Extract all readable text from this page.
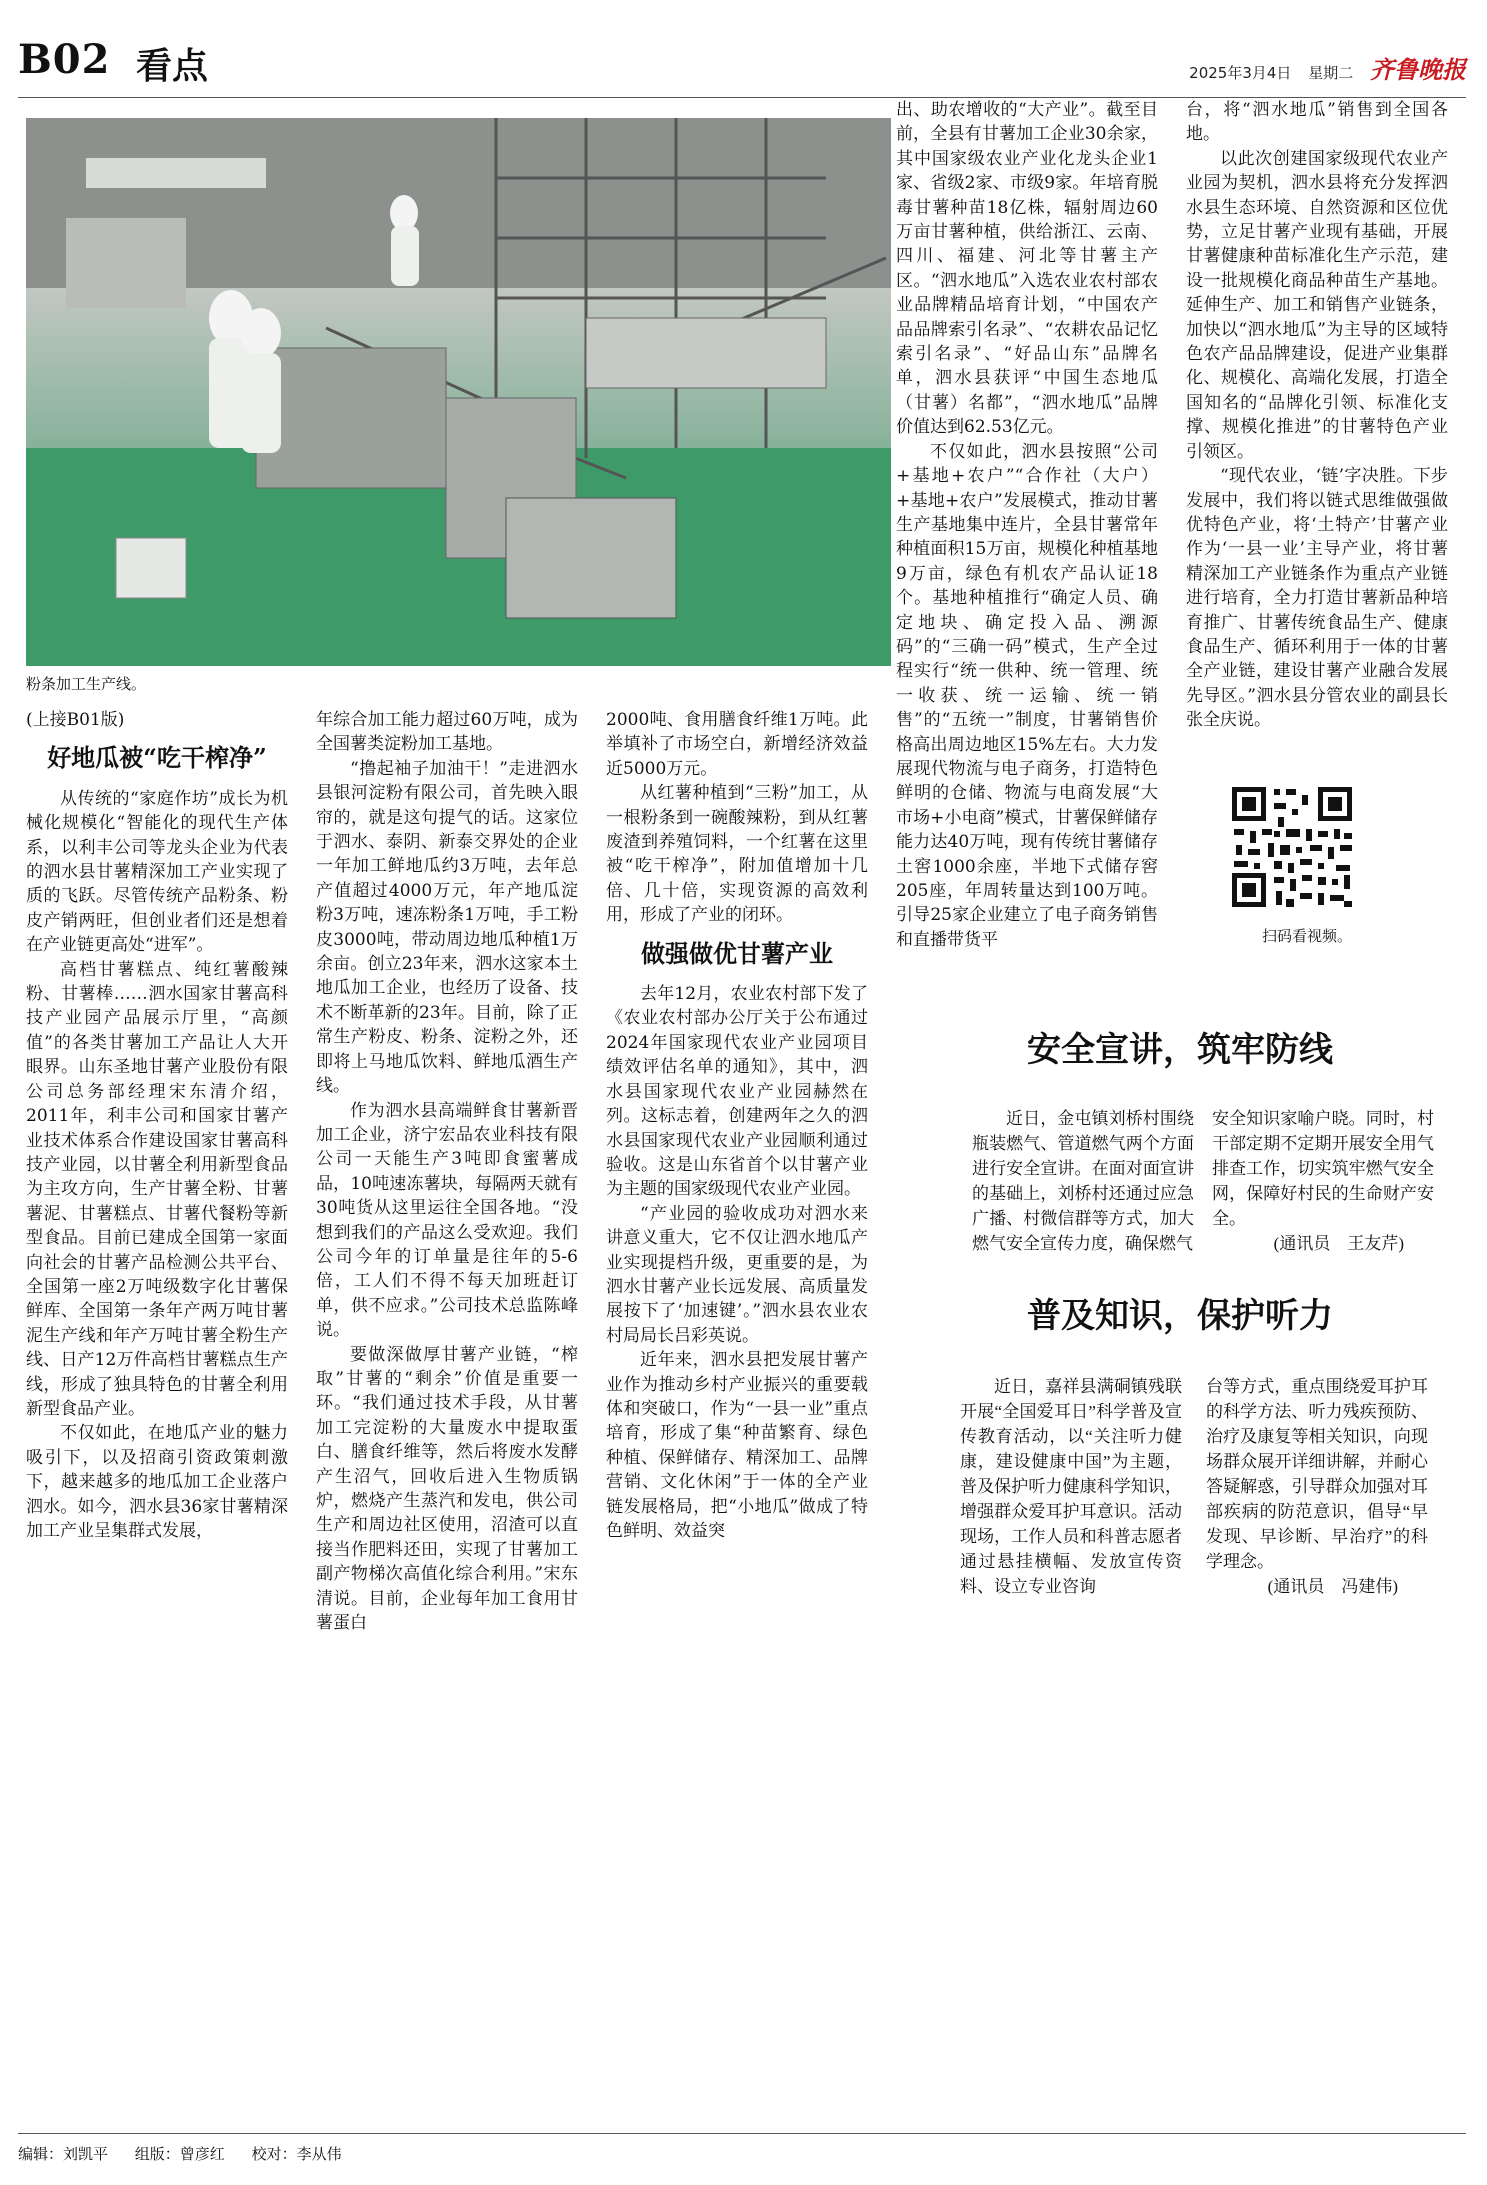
B02 看点	2025年3月4日 星期二 齐鲁晚报
粉条加工生产线。

(上接B01版)

好地瓜被“吃干榨净”

从传统的“家庭作坊”成长为机械化规模化“智能化的现代生产体系，以利丰公司等龙头企业为代表的泗水县甘薯精深加工产业实现了质的飞跃。尽管传统产品粉条、粉皮产销两旺，但创业者们还是想着在产业链更高处“进军”。

高档甘薯糕点、纯红薯酸辣粉、甘薯棒……泗水国家甘薯高科技产业园产品展示厅里，“高颜值”的各类甘薯加工产品让人大开眼界。山东圣地甘薯产业股份有限公司总务部经理宋东清介绍，2011年，利丰公司和国家甘薯产业技术体系合作建设国家甘薯高科技产业园，以甘薯全利用新型食品为主攻方向，生产甘薯全粉、甘薯薯泥、甘薯糕点、甘薯代餐粉等新型食品。目前已建成全国第一家面向社会的甘薯产品检测公共平台、全国第一座2万吨级数字化甘薯保鲜库、全国第一条年产两万吨甘薯泥生产线和年产万吨甘薯全粉生产线、日产12万件高档甘薯糕点生产线，形成了独具特色的甘薯全利用新型食品产业。

不仅如此，在地瓜产业的魅力吸引下，以及招商引资政策刺激下，越来越多的地瓜加工企业落户泗水。如今，泗水县36家甘薯精深加工产业呈集群式发展，

年综合加工能力超过60万吨，成为全国薯类淀粉加工基地。

“撸起袖子加油干！”走进泗水县银河淀粉有限公司，首先映入眼帘的，就是这句提气的话。这家位于泗水、泰阴、新泰交界处的企业一年加工鲜地瓜约3万吨，去年总产值超过4000万元，年产地瓜淀粉3万吨，速冻粉条1万吨，手工粉皮3000吨，带动周边地瓜种植1万余亩。创立23年来，泗水这家本土地瓜加工企业，也经历了设备、技术不断革新的23年。目前，除了正常生产粉皮、粉条、淀粉之外，还即将上马地瓜饮料、鲜地瓜酒生产线。

作为泗水县高端鲜食甘薯新晋加工企业，济宁宏品农业科技有限公司一天能生产3吨即食蜜薯成品，10吨速冻薯块，每隔两天就有30吨货从这里运往全国各地。“没想到我们的产品这么受欢迎。我们公司今年的订单量是往年的5-6倍，工人们不得不每天加班赶订单，供不应求。”公司技术总监陈峰说。

要做深做厚甘薯产业链，“榨取”甘薯的“剩余”价值是重要一环。“我们通过技术手段，从甘薯加工完淀粉的大量废水中提取蛋白、膳食纤维等，然后将废水发酵产生沼气，回收后进入生物质锅炉，燃烧产生蒸汽和发电，供公司生产和周边社区使用，沼渣可以直接当作肥料还田，实现了甘薯加工副产物梯次高值化综合利用。”宋东清说。目前，企业每年加工食用甘薯蛋白

2000吨、食用膳食纤维1万吨。此举填补了市场空白，新增经济效益近5000万元。

从红薯种植到“三粉”加工，从一根粉条到一碗酸辣粉，到从红薯废渣到养殖饲料，一个红薯在这里被“吃干榨净”，附加值增加十几倍、几十倍，实现资源的高效利用，形成了产业的闭环。

做强做优甘薯产业

去年12月，农业农村部下发了《农业农村部办公厅关于公布通过2024年国家现代农业产业园项目绩效评估名单的通知》，其中，泗水县国家现代农业产业园赫然在列。这标志着，创建两年之久的泗水县国家现代农业产业园顺利通过验收。这是山东省首个以甘薯产业为主题的国家级现代农业产业园。

“产业园的验收成功对泗水来讲意义重大，它不仅让泗水地瓜产业实现提档升级，更重要的是，为泗水甘薯产业长远发展、高质量发展按下了‘加速键’。”泗水县农业农村局局长吕彩英说。

近年来，泗水县把发展甘薯产业作为推动乡村产业振兴的重要载体和突破口，作为“一县一业”重点培育，形成了集“种苗繁育、绿色种植、保鲜储存、精深加工、品牌营销、文化休闲”于一体的全产业链发展格局，把“小地瓜”做成了特色鲜明、效益突

出、助农增收的“大产业”。截至目前，全县有甘薯加工企业30余家，其中国家级农业产业化龙头企业1家、省级2家、市级9家。年培育脱毒甘薯种苗18亿株，辐射周边60万亩甘薯种植，供给浙江、云南、四川、福建、河北等甘薯主产区。“泗水地瓜”入选农业农村部农业品牌精品培育计划，“中国农产品品牌索引名录”、“农耕农品记忆索引名录”、“好品山东”品牌名单，泗水县获评“中国生态地瓜（甘薯）名都”，“泗水地瓜”品牌价值达到62.53亿元。

不仅如此，泗水县按照“公司+基地+农户”“合作社（大户）+基地+农户”发展模式，推动甘薯生产基地集中连片，全县甘薯常年种植面积15万亩，规模化种植基地9万亩，绿色有机农产品认证18个。基地种植推行“确定人员、确定地块、确定投入品、溯源码”的“三确一码”模式，生产全过程实行“统一供种、统一管理、统一收获、统一运输、统一销售”的“五统一”制度，甘薯销售价格高出周边地区15%左右。大力发展现代物流与电子商务，打造特色鲜明的仓储、物流与电商发展“大市场+小电商”模式，甘薯保鲜储存能力达40万吨，现有传统甘薯储存土窖1000余座，半地下式储存窖205座，年周转量达到100万吨。引导25家企业建立了电子商务销售和直播带货平

台，将“泗水地瓜”销售到全国各地。

以此次创建国家级现代农业产业园为契机，泗水县将充分发挥泗水县生态环境、自然资源和区位优势，立足甘薯产业现有基础，开展甘薯健康种苗标准化生产示范，建设一批规模化商品种苗生产基地。延伸生产、加工和销售产业链条，加快以“泗水地瓜”为主导的区域特色农产品品牌建设，促进产业集群化、规模化、高端化发展，打造全国知名的“品牌化引领、标准化支撑、规模化推进”的甘薯特色产业引领区。

“现代农业，‘链’字决胜。下步发展中，我们将以链式思维做强做优特色产业，将‘土特产’甘薯产业作为‘一县一业’主导产业，将甘薯精深加工产业链条作为重点产业链进行培育，全力打造甘薯新品种培育推广、甘薯传统食品生产、健康食品生产、循环利用于一体的甘薯全产业链，建设甘薯产业融合发展先导区。”泗水县分管农业的副县长张全庆说。

扫码看视频。
安全宣讲，筑牢防线

近日，金屯镇刘桥村围绕瓶装燃气、管道燃气两个方面进行安全宣讲。在面对面宣讲的基础上，刘桥村还通过应急广播、村微信群等方式，加大燃气安全宣传力度，确保燃气

安全知识家喻户晓。同时，村干部定期不定期开展安全用气排查工作，切实筑牢燃气安全网，保障好村民的生命财产安全。

(通讯员　王友芹)
普及知识，保护听力

近日，嘉祥县满硐镇残联开展“全国爱耳日”科学普及宣传教育活动，以“关注听力健康，建设健康中国”为主题，普及保护听力健康科学知识，增强群众爱耳护耳意识。活动现场，工作人员和科普志愿者通过悬挂横幅、发放宣传资料、设立专业咨询

台等方式，重点围绕爱耳护耳的科学方法、听力残疾预防、治疗及康复等相关知识，向现场群众展开详细讲解，并耐心答疑解惑，引导群众加强对耳部疾病的防范意识，倡导“早发现、早诊断、早治疗”的科学理念。

(通讯员　冯建伟)
编辑：刘凯平 组版：曾彦红 校对：李从伟
